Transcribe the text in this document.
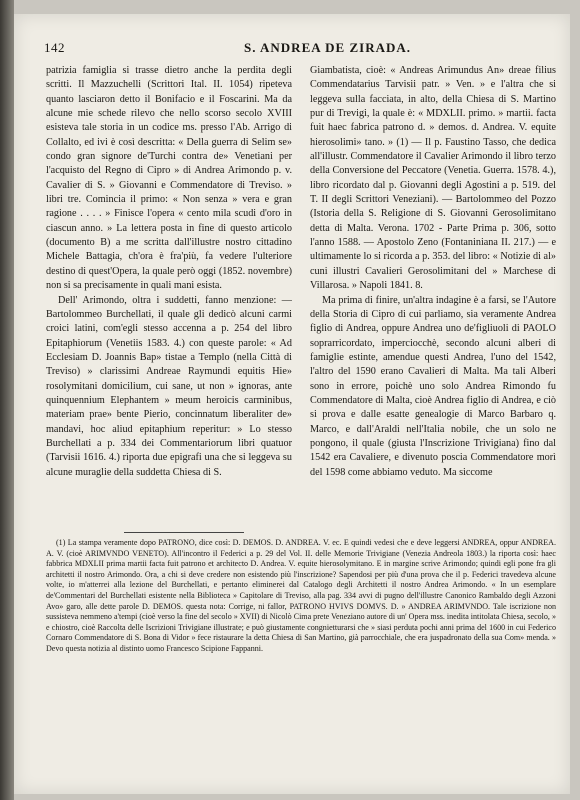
142	S. ANDREA DE ZIRADA.

patrizia famiglia si trasse dietro anche la perdita degli scritti. Il Mazzuchelli (Scrittori Ital. II. 1054) ripeteva quanto lasciaron detto il Bonifacio e il Foscarini. Ma da alcune mie schede rilevo che nello scorso secolo XVIII esisteva tale storia in un codice ms. presso l'Ab. Arrigo di Collalto, ed ivi è così descritta: « Della guerra di Selim se» condo gran signore de'Turchi contra de» Venetiani per l'acquisto del Regno di Cipro » di Andrea Arimondo p. v. Cavalier di S. » Giovanni e Commendatore di Treviso. » libri tre. Comincia il primo: « Non senza » vera e gran ragione . . . . » Finisce l'opera « cento mila scudi d'oro in ciascun anno. » La lettera posta in fine di questo articolo (documento B) a me scritta dall'illustre nostro cittadino Michele Battagia, ch'ora è fra'più, fa vedere l'ulteriore destino di quest'Opera, la quale però oggi (1852. novembre) non si sa precisamente in quali mani esista.

Dell' Arimondo, oltra i suddetti, fanno menzione: — Bartolommeo Burchellati, il quale gli dedicò alcuni carmi croici latini, com'egli stesso accenna a p. 254 del libro Epitaphiorum (Venetiis 1583. 4.) con queste parole: « Ad Ecclesiam D. Joannis Bap» tistae a Templo (nella Città di Treviso) » clarissimi Andreae Raymundi equitis Hie» rosolymitani domicilium, cui sane, ut non » ignoras, ante quinquennium Elephantem » meum heroicis carminibus, materiam prae» bente Pierio, concinnatum liberaliter de» mandavi, hoc aliud epitaphium reperitur: » Lo stesso Burchellati a p. 334 dei Commentariorum libri quatuor (Tarvisii 1616. 4.) riporta due epigrafi una che si leggeva su alcune muraglie della suddetta Chiesa di S.

Giambatista, cioè: « Andreas Arimundus An» dreae filius Commendatarius Tarvisii patr. » Ven. » e l'altra che si leggeva sulla facciata, in alto, della Chiesa di S. Martino pur di Trevigi, la quale è: « MDXLII. primo. » martii. facta fuit haec fabrica patrono d. » demos. d. Andrea. V. equite hierosolimi» tano. » (1) — Il p. Faustino Tasso, che dedica all'illustr. Commendatore il Cavalier Arimondo il libro terzo della Conversione del Peccatore (Venetia. Guerra. 1578. 4.), libro ricordato dal p. Giovanni degli Agostini a p. 519. del T. II degli Scrittori Veneziani). — Bartolommeo del Pozzo (Istoria della S. Religione di S. Giovanni Gerosolimitano detta di Malta. Verona. 1702 - Parte Prima p. 306, sotto l'anno 1588. — Apostolo Zeno (Fontaniniana II. 217.) — e ultimamente lo si ricorda a p. 353. del libro: « Notizie di al» cuni illustri Cavalieri Gerosolimitani del » Marchese di Villarosa. » Napoli 1841. 8.

Ma prima di finire, un'altra indagine è a farsi, se l'Autore della Storia di Cipro di cui parliamo, sia veramente Andrea figlio di Andrea, oppure Andrea uno de'figliuoli di PAOLO soprarricordato, imperciocchè, secondo alcuni alberi di famiglie estinte, amendue questi Andrea, l'uno del 1542, l'altro del 1590 erano Cavalieri di Malta. Ma tali Alberi sono in errore, poichè uno solo Andrea Rimondo fu Commendatore di Malta, cioè Andrea figlio di Andrea, e ciò si prova e dalle esatte genealogie di Marco Barbaro q. Marco, e dall'Araldi nell'Italia nobile, che un solo ne pongono, il quale (giusta l'Inscrizione Trivigiana) fino dal 1542 era Cavaliere, e divenuto poscia Commendatore morì del 1598 come abbiamo veduto. Ma siccome

(1) La stampa veramente dopo PATRONO, dice così: D. DEMOS. D. ANDREA. V. ec. E quindi vedesi che e deve leggersi ANDREA, oppur ANDREA. A. V. (cioè ARIMVNDO VENETO). All'incontro il Federici a p. 29 del Vol. II. delle Memorie Trivigiane (Venezia Andreola 1803.) la riporta così: haec fabbrica MDXLII prima martii facta fuit patrono et architecto D. Andrea. V. equite hierosolymitano. E in margine scrive Arimondo; quindi egli pone fra gli architetti il nostro Arimondo. Ora, a chi si deve credere non esistendo più l'inscrizione? Sapendosi per più d'una prova che il p. Federici travedeva alcune volte, io m'atterrei alla lezione del Burchellati, e pertanto eliminerei dal Catalogo degli Architetti il nostro Andrea Arimondo. « In un esemplare de'Commentari del Burchellati esistente nella Biblioteca » Capitolare di Treviso, alla pag. 334 avvi di pugno dell'illustre Canonico Rambaldo degli Azzoni Avo» garo, alle dette parole D. DEMOS. questa nota: Corrige, ni fallor, PATRONO HVIVS DOMVS. D. » ANDREA ARIMVNDO. Tale iscrizione non sussisteva nemmeno a'tempi (cioè verso la fine del secolo » XVII) di Nicolò Cima prete Veneziano autore di un' Opera mss. inedita intitolata Chiesa, secolo, » e chiostro, cioè Raccolta delle Iscrizioni Trivigiane illustrate; e può giustamente congnietturarsi che » siasi perduta pochi anni prima del 1600 in cui Federico Cornaro Commendatore di S. Bona di Vidor » fece ristaurare la detta Chiesa di San Martino, già parrocchiale, che era juspadronato della sua Com» menda. » Devo questa notizia al distinto uomo Francesco Scipione Fappanni.
